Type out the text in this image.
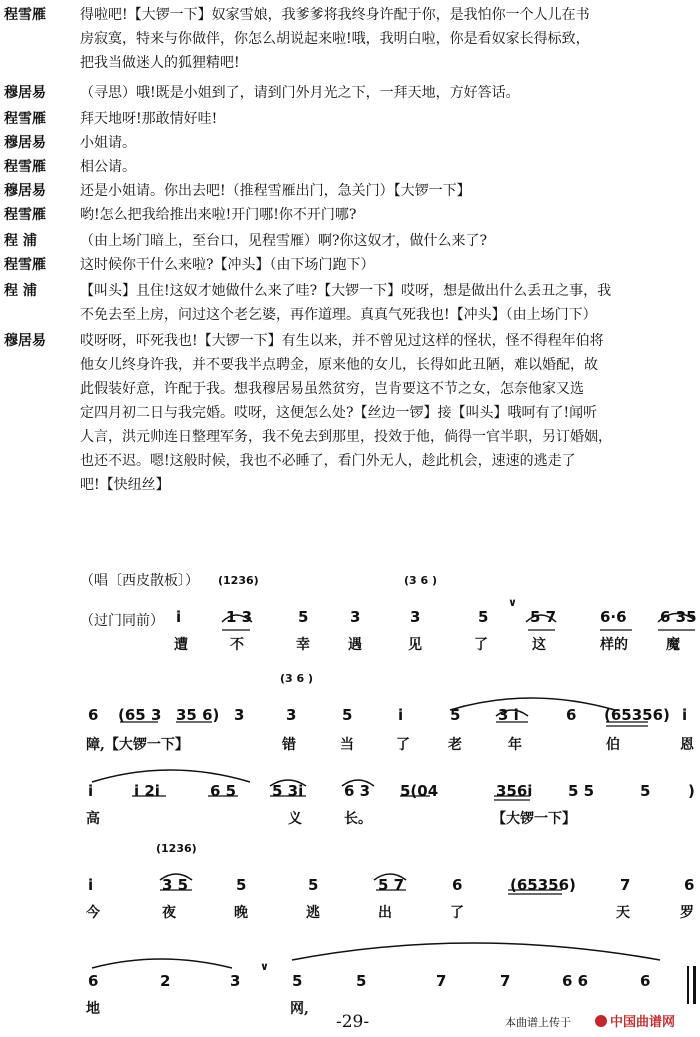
程雪雁 得啦吧!【大锣一下】奴家雪娘，我爹爹将我终身许配于你，是我怕你一个人儿在书
房寂寞，特来与你做伴，你怎么胡说起来啦!哦，我明白啦，你是看奴家长得标致，
把我当做迷人的狐狸精吧!
穆居易 （寻思）哦!既是小姐到了，请到门外月光之下，一拜天地，方好答话。
程雪雁 拜天地呀!那敢情好哇!
穆居易 小姐请。
程雪雁 相公请。
穆居易 还是小姐请。你出去吧!（推程雪雁出门，急关门）【大锣一下】
程雪雁 哟!怎么把我给推出来啦!开门哪!你不开门哪?
程 浦	（由上场门暗上，至台口，见程雪雁）啊?你这奴才，做什么来了?
程雪雁 这时候你干什么来啦?【冲头】（由下场门跑下）
程 浦	【叫头】且住!这奴才她做什么来了哇?【大锣一下】哎呀，想是做出什么丢丑之事，我
不免去至上房，问过这个老乞婆，再作道理。真真气死我也!【冲头】（由上场门下）
穆居易 哎呀呀，吓死我也!【大锣一下】有生以来，并不曾见过这样的怪状，怪不得程年伯将
他女儿终身许我，并不要我半点聘金，原来他的女儿，长得如此丑陋，难以婚配，故
此假装好意，许配于我。想我穆居易虽然贫穷，岂肯要这不节之女，怎奈他家又选
定四月初二日与我完婚。哎呀，这便怎么处?【丝边一锣】接【叫头】哦呵有了!闻听
人言，洪元帅连日整理军务，我不免去到那里，投效于他，倘得一官半职，另订婚姻，
也还不迟。嗯!这般时候，我也不必睡了，看门外无人，趁此机会，速速的逃走了
吧!【快纽丝】
（唱〔西皮散板〕） (1236)	(3 6 )
（过门同前） i	1 3	5	3	3	5
∨
5 7	6·6 6 35
遭	不	幸	遇	见	了	这	样的	魔
(3 6 )
6 (65 3 35 6) 3	3	5	i	5	3 i	6 (65356) i
障,【大锣一下】	错	当	了	老	年	伯	恩
i	i 2i	6 5 5 3i	6 3 5(04	356i 5 5	5	)
高	义	长。	【大锣一下】
(1236)
i	3 5	5	5	5 7	6	(65356)	7	6
今	夜	晚	逃	出	了	天	罗
6	2	3
∨
5	5	7	7	6 6	6
地	网,
-29-	本曲谱上传于	中国曲谱网
